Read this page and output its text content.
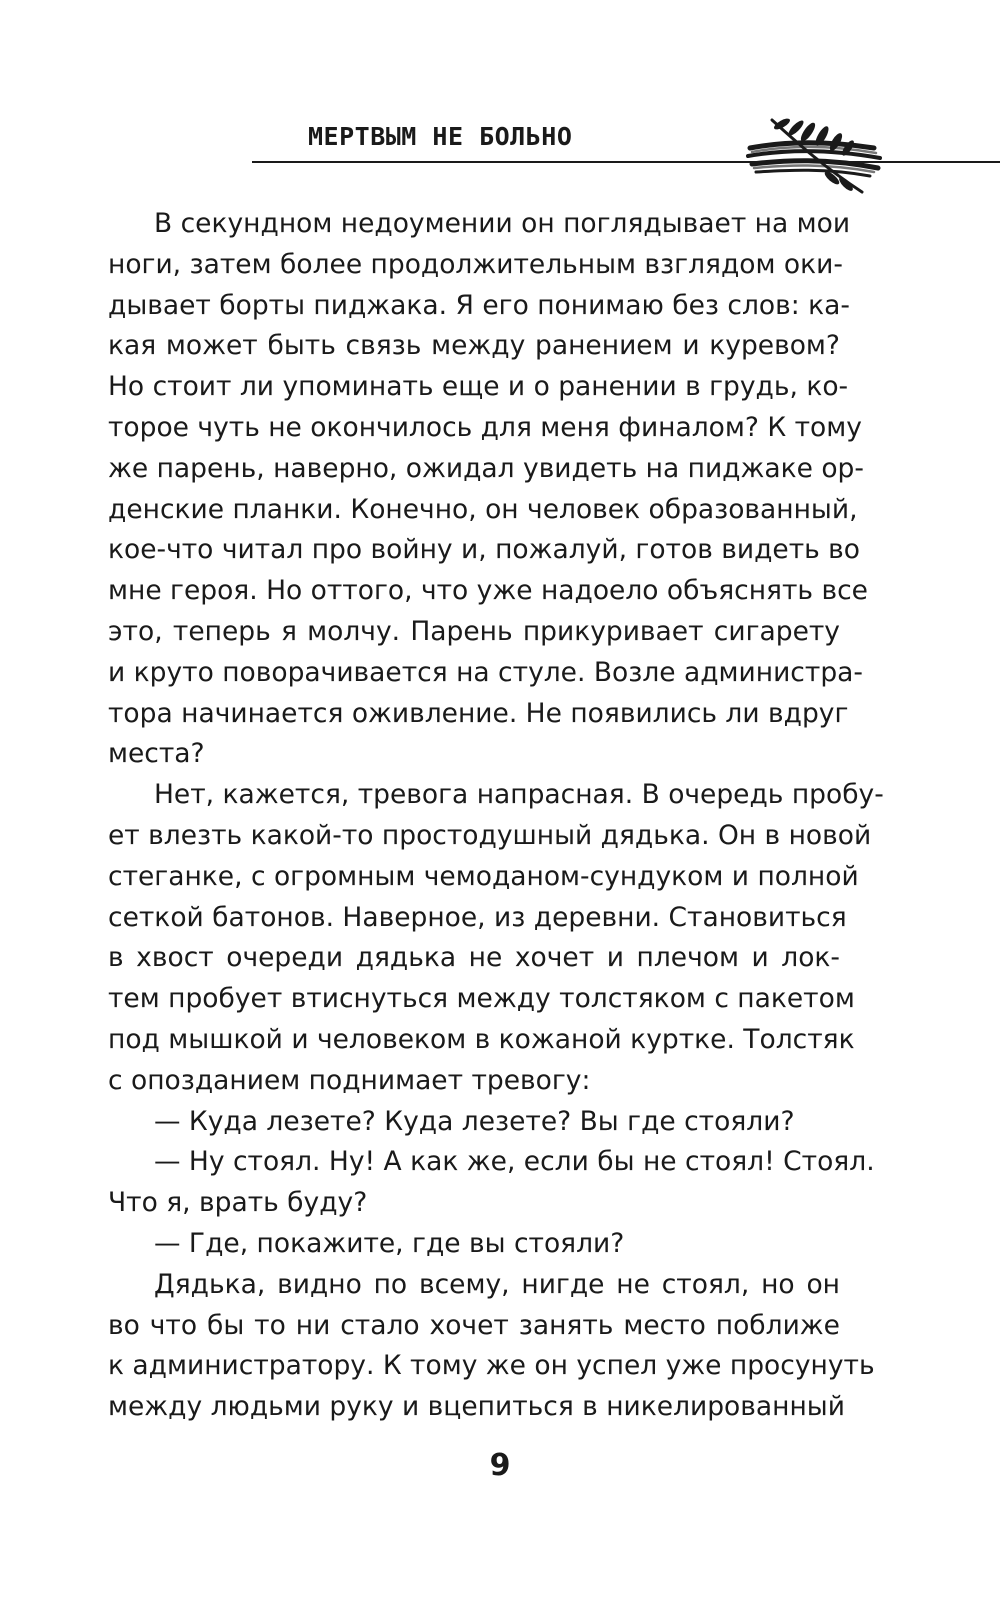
МЕРТВЫМ НЕ БОЛЬНО
В секундном недоумении он поглядывает на мои
ноги, затем более продолжительным взглядом оки-
дывает борты пиджака. Я его понимаю без слов: ка-
кая может быть связь между ранением и куревом?
Но стоит ли упоминать еще и о ранении в грудь, ко-
торое чуть не окончилось для меня финалом? К тому
же парень, наверно, ожидал увидеть на пиджаке ор-
денские планки. Конечно, он человек образованный,
кое-что читал про войну и, пожалуй, готов видеть во
мне героя. Но оттого, что уже надоело объяснять все
это, теперь я молчу. Парень прикуривает сигарету
и круто поворачивается на стуле. Возле администра-
тора начинается оживление. Не появились ли вдруг
места?
Нет, кажется, тревога напрасная. В очередь пробу-
ет влезть какой-то простодушный дядька. Он в новой
стеганке, с огромным чемоданом-сундуком и полной
сеткой батонов. Наверное, из деревни. Становиться
в хвост очереди дядька не хочет и плечом и лок-
тем пробует втиснуться между толстяком с пакетом
под мышкой и человеком в кожаной куртке. Толстяк
с опозданием поднимает тревогу:
— Куда лезете? Куда лезете? Вы где стояли?
— Ну стоял. Ну! А как же, если бы не стоял! Стоял.
Что я, врать буду?
— Где, покажите, где вы стояли?
Дядька, видно по всему, нигде не стоял, но он
во что бы то ни стало хочет занять место поближе
к администратору. К тому же он успел уже просунуть
между людьми руку и вцепиться в никелированный
9
